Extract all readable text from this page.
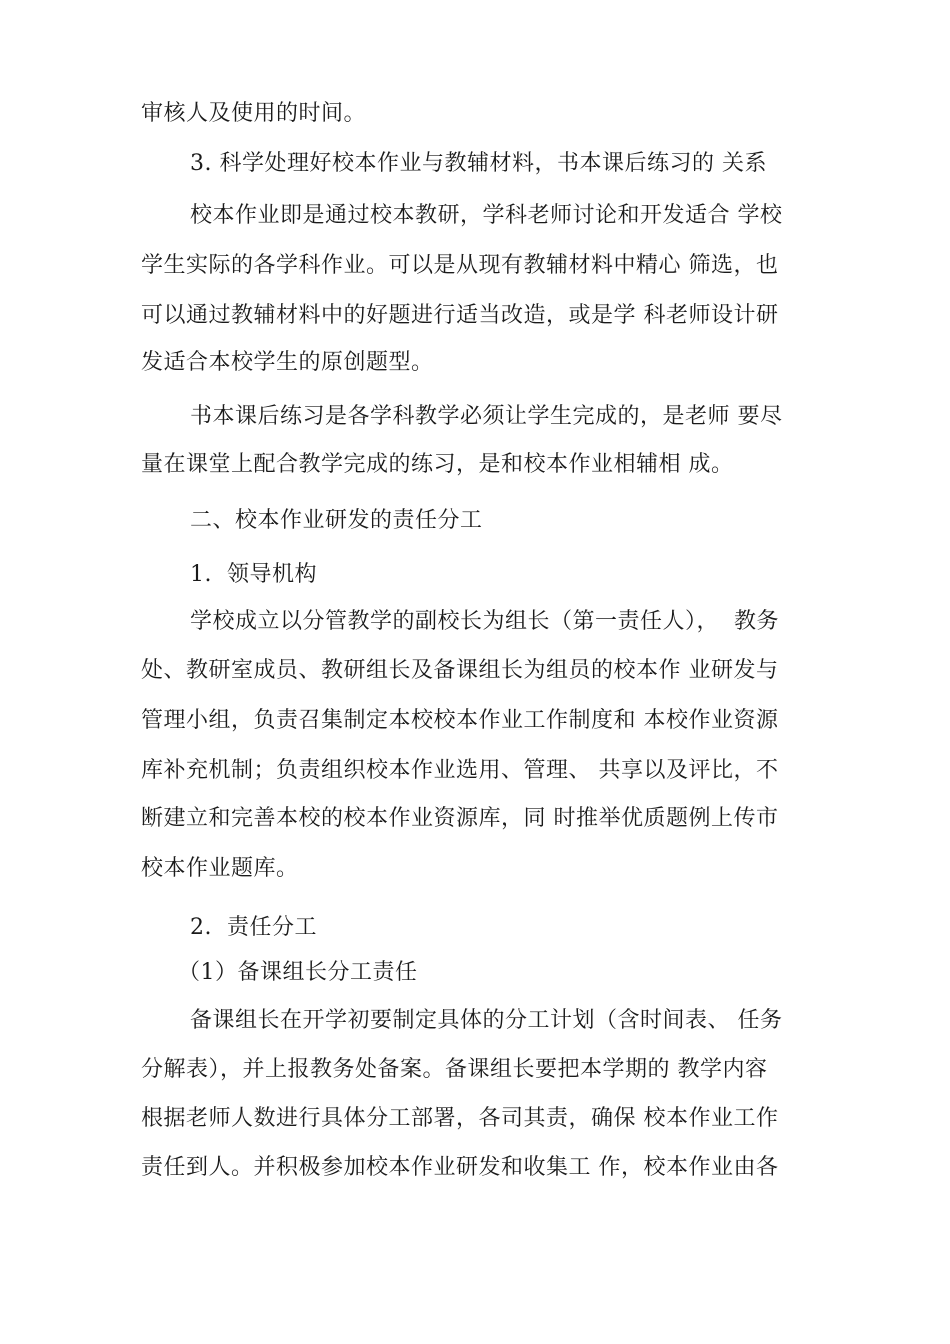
审核人及使用的时间。
3. 科学处理好校本作业与教辅材料，书本课后练习的 关系
校本作业即是通过校本教研，学科老师讨论和开发适合 学校
学生实际的各学科作业。可以是从现有教辅材料中精心 筛选，也
可以通过教辅材料中的好题进行适当改造，或是学 科老师设计研
发适合本校学生的原创题型。
书本课后练习是各学科教学必须让学生完成的，是老师 要尽
量在课堂上配合教学完成的练习，是和校本作业相辅相 成。
二、校本作业研发的责任分工
1.  领导机构
学校成立以分管教学的副校长为组长（第一责任人），  教务
处、教研室成员、教研组长及备课组长为组员的校本作 业研发与
管理小组，负责召集制定本校校本作业工作制度和 本校作业资源
库补充机制；负责组织校本作业选用、管理、 共享以及评比，不
断建立和完善本校的校本作业资源库，同 时推举优质题例上传市
校本作业题库。
2.  责任分工
（1）备课组长分工责任
备课组长在开学初要制定具体的分工计划（含时间表、 任务
分解表），并上报教务处备案。备课组长要把本学期的 教学内容
根据老师人数进行具体分工部署，各司其责，确保 校本作业工作
责任到人。并积极参加校本作业研发和收集工 作，校本作业由各
